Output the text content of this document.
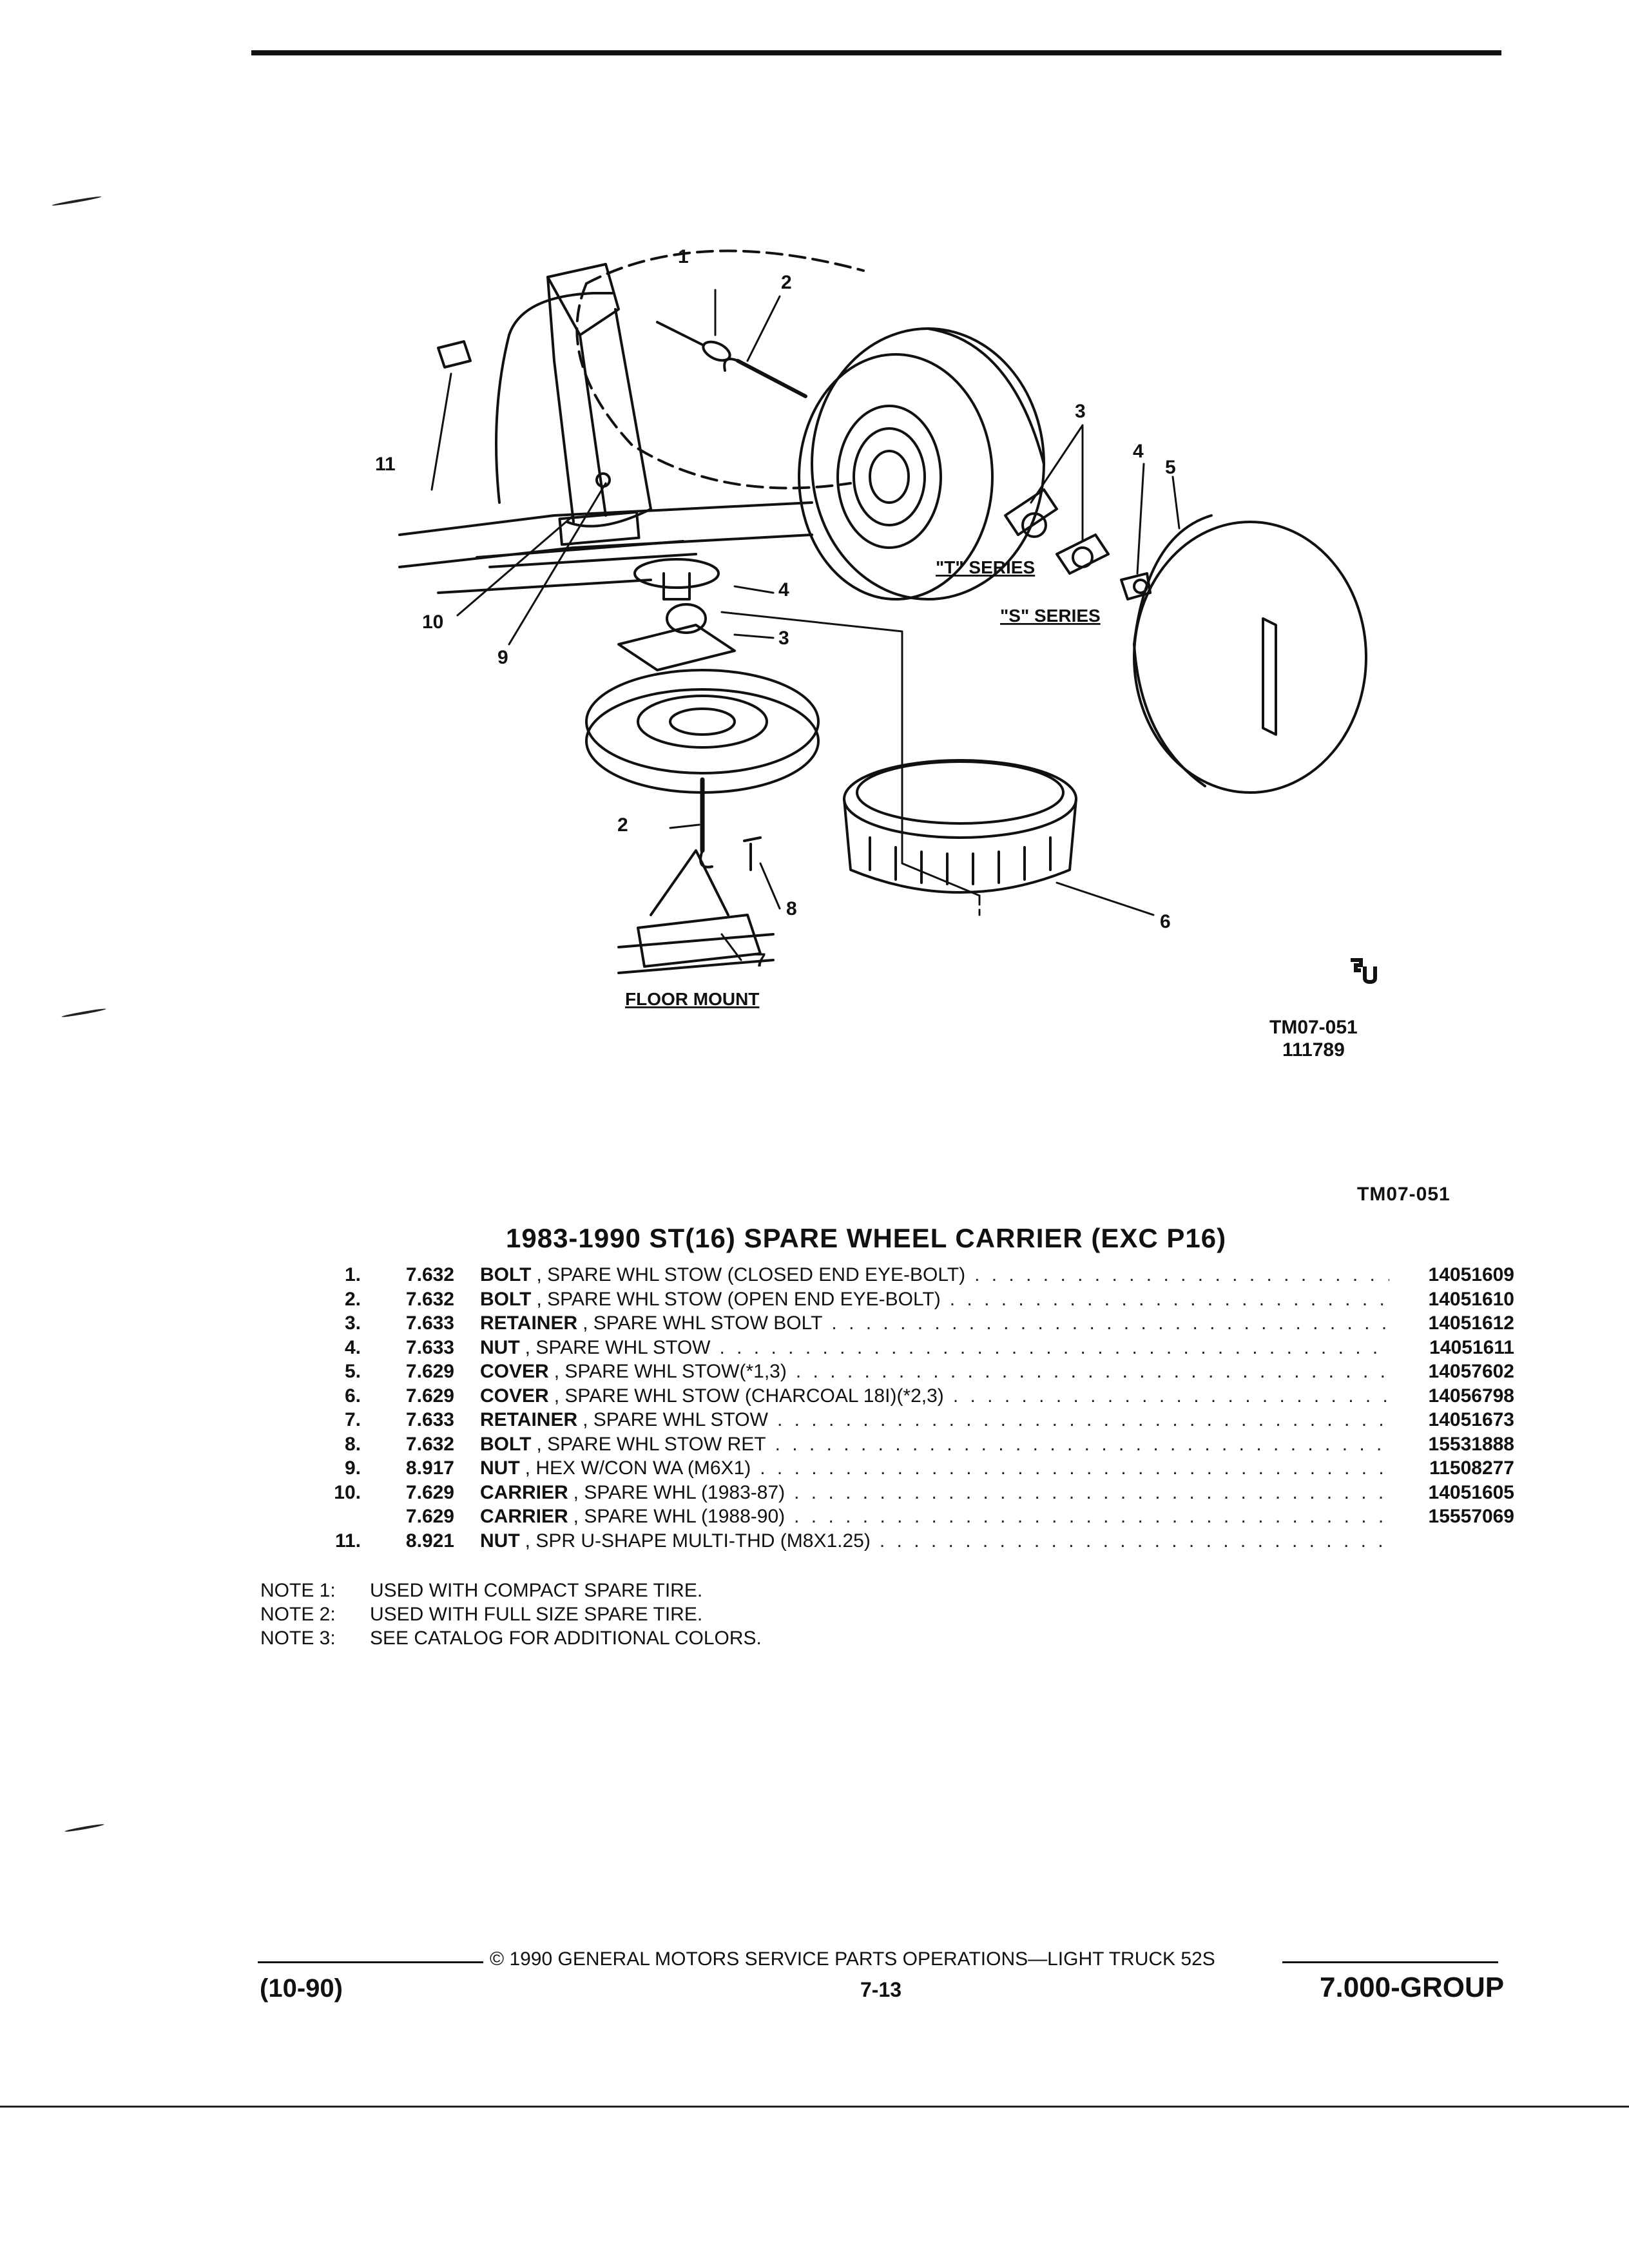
TM07-051
111789
1
2
3
4
5
4
3
6
7
8
9
10
11
2
"T" SERIES
"S" SERIES
FLOOR MOUNT
TM07-051
1983-1990 ST(16) SPARE WHEEL CARRIER (EXC P16)
1.	7.632 BOLT , SPARE WHL STOW (CLOSED END EYE-BOLT) . . .	14051609
2.	7.632 BOLT , SPARE WHL STOW (OPEN END EYE-BOLT) . . .	14051610
3.	7.633 RETAINER , SPARE WHL STOW BOLT . . .	14051612
4.	7.633 NUT , SPARE WHL STOW . . .	14051611
5.	7.629 COVER , SPARE WHL STOW(*1,3) . . .	14057602
6.	7.629 COVER , SPARE WHL STOW (CHARCOAL 18I)(*2,3) . . .	14056798
7.	7.633 RETAINER , SPARE WHL STOW . . .	14051673
8.	7.632 BOLT , SPARE WHL STOW RET . . .	15531888
9.	8.917 NUT , HEX W/CON WA (M6X1) . . .	11508277
10.	7.629 CARRIER , SPARE WHL (1983-87) . . .	14051605
7.629 CARRIER , SPARE WHL (1988-90) . . .	15557069
11.	8.921 NUT , SPR U-SHAPE MULTI-THD (M8X1.25)
. . .
NOTE 1: USED WITH COMPACT SPARE TIRE.
NOTE 2: USED WITH FULL SIZE SPARE TIRE.
NOTE 3: SEE CATALOG FOR ADDITIONAL COLORS.
© 1990 GENERAL MOTORS SERVICE PARTS OPERATIONS—LIGHT TRUCK 52S
(10-90)	7-13	7.000-GROUP
